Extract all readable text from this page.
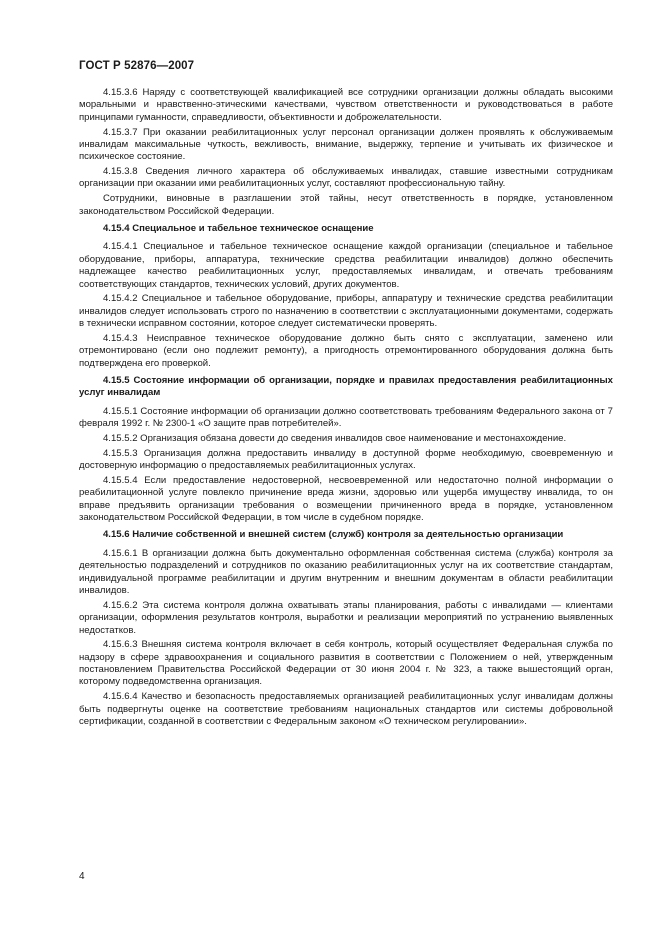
ГОСТ Р 52876—2007

4.15.3.6 Наряду с соответствующей квалификацией все сотрудники организации должны обладать высокими моральными и нравственно-этическими качествами, чувством ответственности и руководствоваться в работе принципами гуманности, справедливости, объективности и доброжелательности.

4.15.3.7 При оказании реабилитационных услуг персонал организации должен проявлять к обслуживаемым инвалидам максимальные чуткость, вежливость, внимание, выдержку, терпение и учитывать их физическое и психическое состояние.

4.15.3.8 Сведения личного характера об обслуживаемых инвалидах, ставшие известными сотрудникам организации при оказании ими реабилитационных услуг, составляют профессиональную тайну.

Сотрудники, виновные в разглашении этой тайны, несут ответственность в порядке, установленном законодательством Российской Федерации.

4.15.4 Специальное и табельное техническое оснащение

4.15.4.1 Специальное и табельное техническое оснащение каждой организации (специальное и табельное оборудование, приборы, аппаратура, технические средства реабилитации инвалидов) должно обеспечить надлежащее качество реабилитационных услуг, предоставляемых инвалидам, и отвечать требованиям соответствующих стандартов, технических условий, других документов.

4.15.4.2 Специальное и табельное оборудование, приборы, аппаратуру и технические средства реабилитации инвалидов следует использовать строго по назначению в соответствии с эксплуатационными документами, содержать в технически исправном состоянии, которое следует систематически проверять.

4.15.4.3 Неисправное техническое оборудование должно быть снято с эксплуатации, заменено или отремонтировано (если оно подлежит ремонту), а пригодность отремонтированного оборудования должна быть подтверждена его проверкой.

4.15.5 Состояние информации об организации, порядке и правилах предоставления реабилитационных услуг инвалидам

4.15.5.1 Состояние информации об организации должно соответствовать требованиям Федерального закона от 7 февраля 1992 г. № 2300-1 «О защите прав потребителей».

4.15.5.2 Организация обязана довести до сведения инвалидов свое наименование и местонахождение.

4.15.5.3 Организация должна предоставить инвалиду в доступной форме необходимую, своевременную и достоверную информацию о предоставляемых реабилитационных услугах.

4.15.5.4 Если предоставление недостоверной, несвоевременной или недостаточно полной информации о реабилитационной услуге повлекло причинение вреда жизни, здоровью или ущерба имуществу инвалида, то он вправе предъявить организации требования о возмещении причиненного вреда в порядке, установленном законодательством Российской Федерации, в том числе в судебном порядке.

4.15.6 Наличие собственной и внешней систем (служб) контроля за деятельностью организации

4.15.6.1 В организации должна быть документально оформленная собственная система (служба) контроля за деятельностью подразделений и сотрудников по оказанию реабилитационных услуг на их соответствие стандартам, индивидуальной программе реабилитации и другим внутренним и внешним документам в области реабилитации инвалидов.

4.15.6.2 Эта система контроля должна охватывать этапы планирования, работы с инвалидами — клиентами организации, оформления результатов контроля, выработки и реализации мероприятий по устранению выявленных недостатков.

4.15.6.3 Внешняя система контроля включает в себя контроль, который осуществляет Федеральная служба по надзору в сфере здравоохранения и социального развития в соответствии с Положением о ней, утвержденным постановлением Правительства Российской Федерации от 30 июня 2004 г. № 323, а также вышестоящий орган, которому подведомственна организация.

4.15.6.4 Качество и безопасность предоставляемых организацией реабилитационных услуг инвалидам должны быть подвергнуты оценке на соответствие требованиям национальных стандартов или системы добровольной сертификации, созданной в соответствии с Федеральным законом «О техническом регулировании».

4
